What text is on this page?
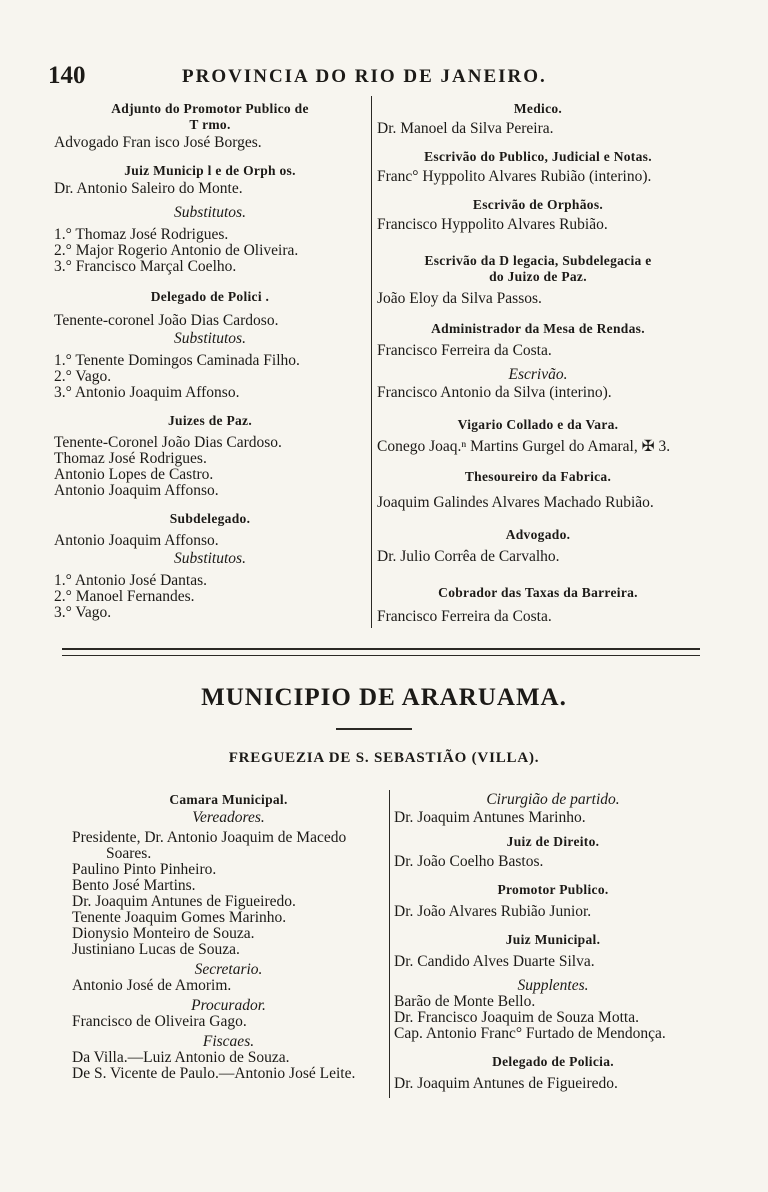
140	PROVINCIA DO RIO DE JANEIRO.
Adjunto do Promotor Publico de
T rmo.
Advogado Fran isco José Borges.
Juiz Municip l e de Orph os.
Dr. Antonio Saleiro do Monte.
Substitutos.
1.° Thomaz José Rodrigues.
2.° Major Rogerio Antonio de Oliveira.
3.° Francisco Marçal Coelho.
Delegado de Polici .
Tenente-coronel João Dias Cardoso.
Substitutos.
1.° Tenente Domingos Caminada Filho.
2.° Vago.
3.° Antonio Joaquim Affonso.
Juizes de Paz.
Tenente-Coronel João Dias Cardoso.
Thomaz José Rodrigues.
Antonio Lopes de Castro.
Antonio Joaquim Affonso.
Subdelegado.
Antonio Joaquim Affonso.
Substitutos.
1.° Antonio José Dantas.
2.° Manoel Fernandes.
3.° Vago.
Medico.
Dr. Manoel da Silva Pereira.
Escrivão do Publico, Judicial e Notas.
Franc° Hyppolito Alvares Rubião (interino).
Escrivão de Orphãos.
Francisco Hyppolito Alvares Rubião.
Escrivão da D legacia, Subdelegacia e
do Juizo de Paz.
João Eloy da Silva Passos.
Administrador da Mesa de Rendas.
Francisco Ferreira da Costa.
Escrivão.
Francisco Antonio da Silva (interino).
Vigario Collado e da Vara.
Conego Joaq.ⁿ Martins Gurgel do Amaral, ✠ 3.
Thesoureiro da Fabrica.
Joaquim Galindes Alvares Machado Rubião.
Advogado.
Dr. Julio Corrêa de Carvalho.
Cobrador das Taxas da Barreira.
Francisco Ferreira da Costa.
MUNICIPIO DE ARARUAMA.
FREGUEZIA DE S. SEBASTIÃO (VILLA).
Camara Municipal.
Vereadores.
Presidente, Dr. Antonio Joaquim de Macedo
Soares.
Paulino Pinto Pinheiro.
Bento José Martins.
Dr. Joaquim Antunes de Figueiredo.
Tenente Joaquim Gomes Marinho.
Dionysio Monteiro de Souza.
Justiniano Lucas de Souza.
Secretario.
Antonio José de Amorim.
Procurador.
Francisco de Oliveira Gago.
Fiscaes.
Da Villa.—Luiz Antonio de Souza.
De S. Vicente de Paulo.—Antonio José Leite.
Cirurgião de partido.
Dr. Joaquim Antunes Marinho.
Juiz de Direito.
Dr. João Coelho Bastos.
Promotor Publico.
Dr. João Alvares Rubião Junior.
Juiz Municipal.
Dr. Candido Alves Duarte Silva.
Supplentes.
Barão de Monte Bello.
Dr. Francisco Joaquim de Souza Motta.
Cap. Antonio Franc° Furtado de Mendonça.
Delegado de Policia.
Dr. Joaquim Antunes de Figueiredo.
